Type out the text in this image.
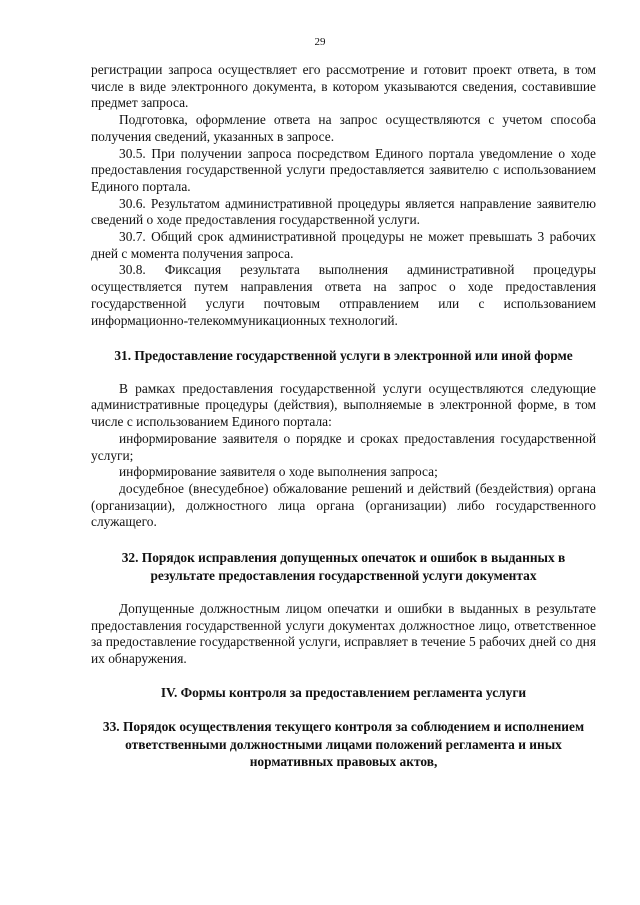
29

регистрации запроса осуществляет его рассмотрение и готовит проект ответа, в том числе в виде электронного документа, в котором указываются сведения, составившие предмет запроса.

Подготовка, оформление ответа на запрос осуществляются с учетом способа получения сведений, указанных в запросе.

30.5. При получении запроса посредством Единого портала уведомление о ходе предоставления государственной услуги предоставляется заявителю с использованием Единого портала.

30.6. Результатом административной процедуры является направление заявителю сведений о ходе предоставления государственной услуги.

30.7. Общий срок административной процедуры не может превышать 3 рабочих дней с момента получения запроса.

30.8. Фиксация результата выполнения административной процедуры осуществляется путем направления ответа на запрос о ходе предоставления государственной услуги почтовым отправлением или с использованием информационно-телекоммуникационных технологий.

31. Предоставление государственной услуги в электронной или иной форме

В рамках предоставления государственной услуги осуществляются следующие административные процедуры (действия), выполняемые в электронной форме, в том числе с использованием Единого портала:

информирование заявителя о порядке и сроках предоставления государственной услуги;

информирование заявителя о ходе выполнения запроса;

досудебное (внесудебное) обжалование решений и действий (бездействия) органа (организации), должностного лица органа (организации) либо государственного служащего.

32. Порядок исправления допущенных опечаток и ошибок в выданных в результате предоставления государственной услуги документах

Допущенные должностным лицом опечатки и ошибки в выданных в результате предоставления государственной услуги документах должностное лицо, ответственное за предоставление государственной услуги, исправляет в течение 5 рабочих дней со дня их обнаружения.

IV. Формы контроля за предоставлением регламента услуги

33. Порядок осуществления текущего контроля за соблюдением и исполнением ответственными должностными лицами положений регламента и иных нормативных правовых актов,
